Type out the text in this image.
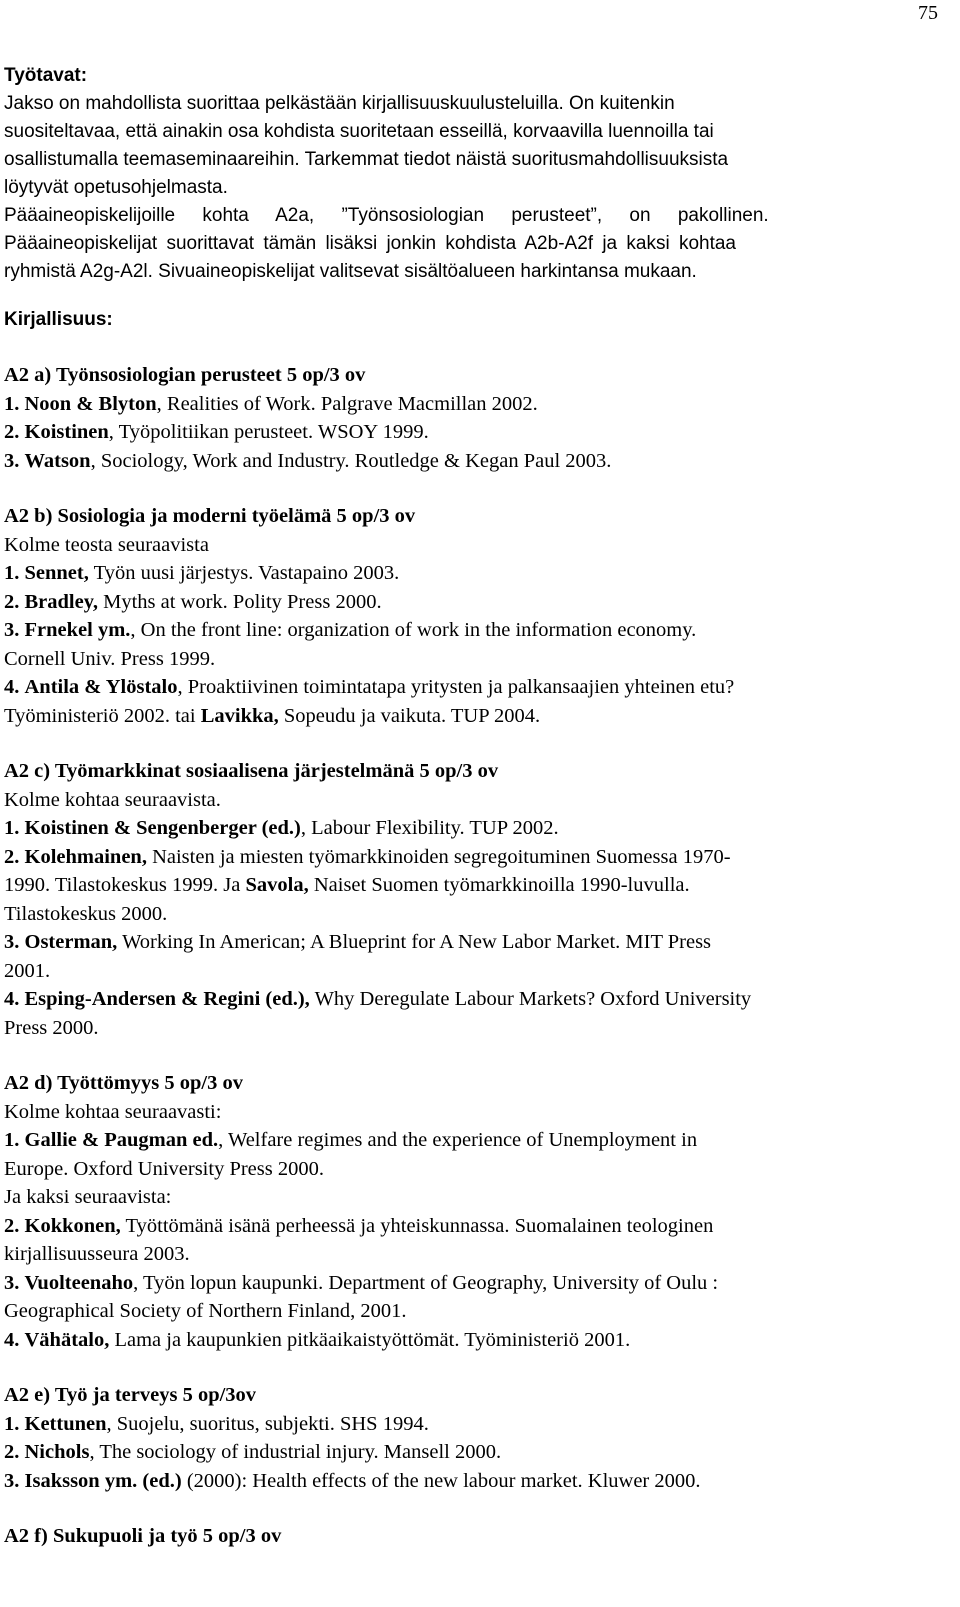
75

Työtavat:

Jakso on mahdollista suorittaa pelkästään kirjallisuuskuulusteluilla. On kuitenkin

suositeltavaa, että ainakin osa kohdista suoritetaan esseillä, korvaavilla luennoilla tai

osallistumalla teemaseminaareihin. Tarkemmat tiedot näistä suoritusmahdollisuuksista

löytyvät opetusohjelmasta.

Pääaineopiskelijoille kohta A2a, ”Työnsosiologian perusteet”, on pakollinen.

Pääaineopiskelijat suorittavat tämän lisäksi jonkin kohdista A2b-A2f ja kaksi kohtaa

ryhmistä A2g-A2l. Sivuaineopiskelijat valitsevat sisältöalueen harkintansa mukaan.

Kirjallisuus:

A2 a) Työnsosiologian perusteet 5 op/3 ov

1. Noon & Blyton, Realities of Work. Palgrave Macmillan 2002.

2. Koistinen, Työpolitiikan perusteet. WSOY 1999.

3. Watson, Sociology, Work and Industry. Routledge & Kegan Paul 2003.

A2 b) Sosiologia ja moderni työelämä 5 op/3 ov

Kolme teosta seuraavista

1. Sennet, Työn uusi järjestys. Vastapaino 2003.

2. Bradley, Myths at work. Polity Press 2000.

3. Frnekel ym., On the front line: organization of work in the information economy.

Cornell Univ. Press 1999.

4. Antila & Ylöstalo, Proaktiivinen toimintatapa yritysten ja palkansaajien yhteinen etu?

Työministeriö 2002. tai Lavikka, Sopeudu ja vaikuta. TUP 2004.

A2 c) Työmarkkinat sosiaalisena järjestelmänä 5 op/3 ov

Kolme kohtaa seuraavista.

1. Koistinen & Sengenberger (ed.), Labour Flexibility. TUP 2002.

2. Kolehmainen, Naisten ja miesten työmarkkinoiden segregoituminen Suomessa 1970-

1990. Tilastokeskus 1999. Ja Savola, Naiset Suomen työmarkkinoilla 1990-luvulla.

Tilastokeskus 2000.

3. Osterman, Working In American; A Blueprint for A New Labor Market. MIT Press

2001.

4. Esping-Andersen & Regini (ed.), Why Deregulate Labour Markets? Oxford University

Press 2000.

A2 d) Työttömyys 5 op/3 ov

Kolme kohtaa seuraavasti:

1. Gallie & Paugman ed., Welfare regimes and the experience of Unemployment in

Europe. Oxford University Press 2000.

Ja kaksi seuraavista:

2. Kokkonen, Työttömänä isänä perheessä ja yhteiskunnassa. Suomalainen teologinen

kirjallisuusseura 2003.

3. Vuolteenaho, Työn lopun kaupunki. Department of Geography, University of Oulu :

Geographical Society of Northern Finland, 2001.

4. Vähätalo, Lama ja kaupunkien pitkäaikaistyöttömät. Työministeriö 2001.

A2 e) Työ ja terveys 5 op/3ov

1. Kettunen, Suojelu, suoritus, subjekti. SHS 1994.

2. Nichols, The sociology of industrial injury. Mansell 2000.

3. Isaksson ym. (ed.) (2000): Health effects of the new labour market. Kluwer 2000.

A2 f) Sukupuoli ja työ 5 op/3 ov
